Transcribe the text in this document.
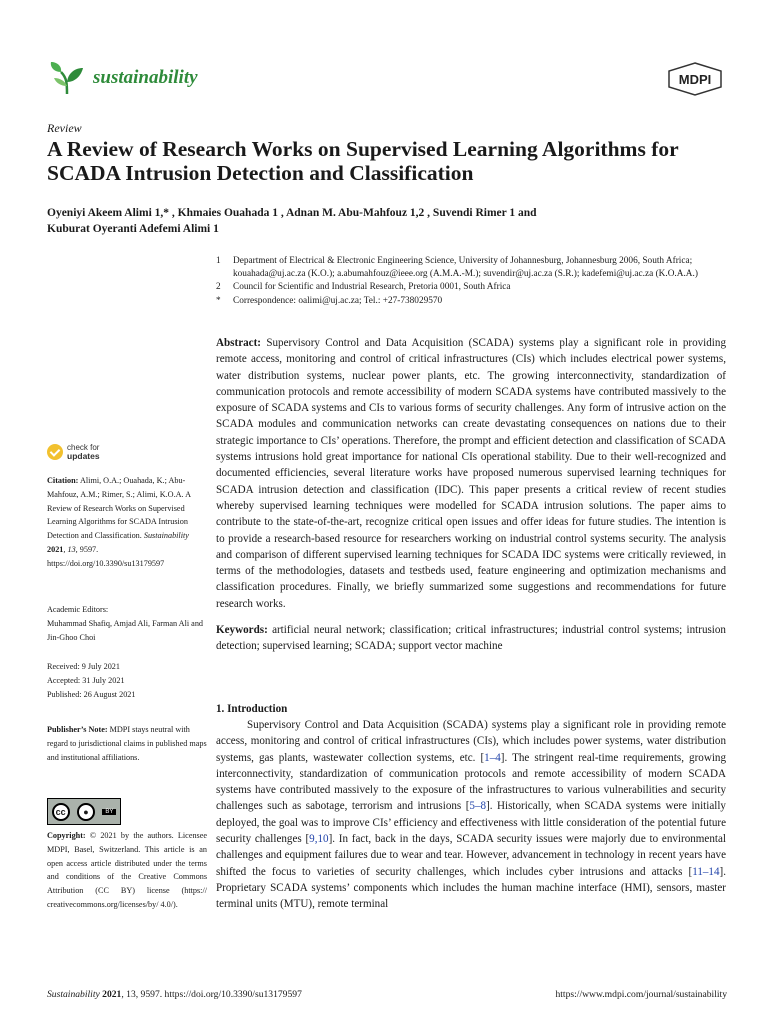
sustainability	MDPI
Review
A Review of Research Works on Supervised Learning Algorithms for SCADA Intrusion Detection and Classification
Oyeniyi Akeem Alimi 1,* , Khmaies Ouahada 1 , Adnan M. Abu-Mahfouz 1,2 , Suvendi Rimer 1 and
Kuburat Oyeranti Adefemi Alimi 1
1	Department of Electrical & Electronic Engineering Science, University of Johannesburg, Johannesburg 2006, South Africa; kouahada@uj.ac.za (K.O.); a.abumahfouz@ieee.org (A.M.A.-M.); suvendir@uj.ac.za (S.R.); kadefemi@uj.ac.za (K.O.A.A.)
2	Council for Scientific and Industrial Research, Pretoria 0001, South Africa
*	Correspondence: oalimi@uj.ac.za; Tel.: +27-738029570

Abstract: Supervisory Control and Data Acquisition (SCADA) systems play a significant role in providing remote access, monitoring and control of critical infrastructures (CIs) which includes electrical power systems, water distribution systems, nuclear power plants, etc. The growing interconnectivity, standardization of communication protocols and remote accessibility of modern SCADA systems have contributed massively to the exposure of SCADA systems and CIs to various forms of security challenges. Any form of intrusive action on the SCADA modules and communication networks can create devastating consequences on nations due to their strategic importance to CIs’ operations. Therefore, the prompt and efficient detection and classification of SCADA systems intrusions hold great importance for national CIs operational stability. Due to their well-recognized and documented efficiencies, several literature works have proposed numerous supervised learning techniques for SCADA intrusion detection and classification (IDC). This paper presents a critical review of recent studies whereby supervised learning techniques were modelled for SCADA intrusion solutions. The paper aims to contribute to the state-of-the-art, recognize critical open issues and offer ideas for future studies. The intention is to provide a research-based resource for researchers working on industrial control systems security. The analysis and comparison of different supervised learning techniques for SCADA IDC systems were critically reviewed, in terms of the methodologies, datasets and testbeds used, feature engineering and optimization mechanisms and classification procedures. Finally, we briefly summarized some suggestions and recommendations for future research works.

Keywords: artificial neural network; classification; critical infrastructures; industrial control systems; intrusion detection; supervised learning; SCADA; support vector machine

1. Introduction

Supervisory Control and Data Acquisition (SCADA) systems play a significant role in providing remote access, monitoring and control of critical infrastructures (CIs), which includes power systems, water distribution systems, gas plants, wastewater collection systems, etc. [1–4]. The stringent real-time requirements, growing interconnectivity, standardization of communication protocols and remote accessibility of modern SCADA systems have contributed massively to the exposure of the infrastructures to various vulnerabilities and security challenges such as sabotage, terrorism and intrusions [5–8]. Historically, when SCADA systems were initially deployed, the goal was to improve CIs’ efficiency and effectiveness with little consideration of the potential future security challenges [9,10]. In fact, back in the days, SCADA security issues were majorly due to environmental challenges and equipment failures due to wear and tear. However, advancement in technology in recent years have shifted the focus to varieties of security challenges, which includes cyber intrusions and attacks [11–14]. Proprietary SCADA systems’ components which includes the human machine interface (HMI), sensors, master terminal units (MTU), remote terminal

check for
updates
Citation: Alimi, O.A.; Ouahada, K.; Abu-Mahfouz, A.M.; Rimer, S.; Alimi, K.O.A. A Review of Research Works on Supervised Learning Algorithms for SCADA Intrusion Detection and Classification. Sustainability 2021, 13, 9597. https://doi.org/10.3390/su13179597
Academic Editors:
Muhammad Shafiq, Amjad Ali, Farman Ali and Jin-Ghoo Choi
Received: 9 July 2021
Accepted: 31 July 2021
Published: 26 August 2021
Publisher’s Note: MDPI stays neutral with regard to jurisdictional claims in published maps and institutional affiliations.
cc	●	BY
Copyright: © 2021 by the authors. Licensee MDPI, Basel, Switzerland. This article is an open access article distributed under the terms and conditions of the Creative Commons Attribution (CC BY) license (https:// creativecommons.org/licenses/by/ 4.0/).
Sustainability 2021, 13, 9597. https://doi.org/10.3390/su13179597	https://www.mdpi.com/journal/sustainability
